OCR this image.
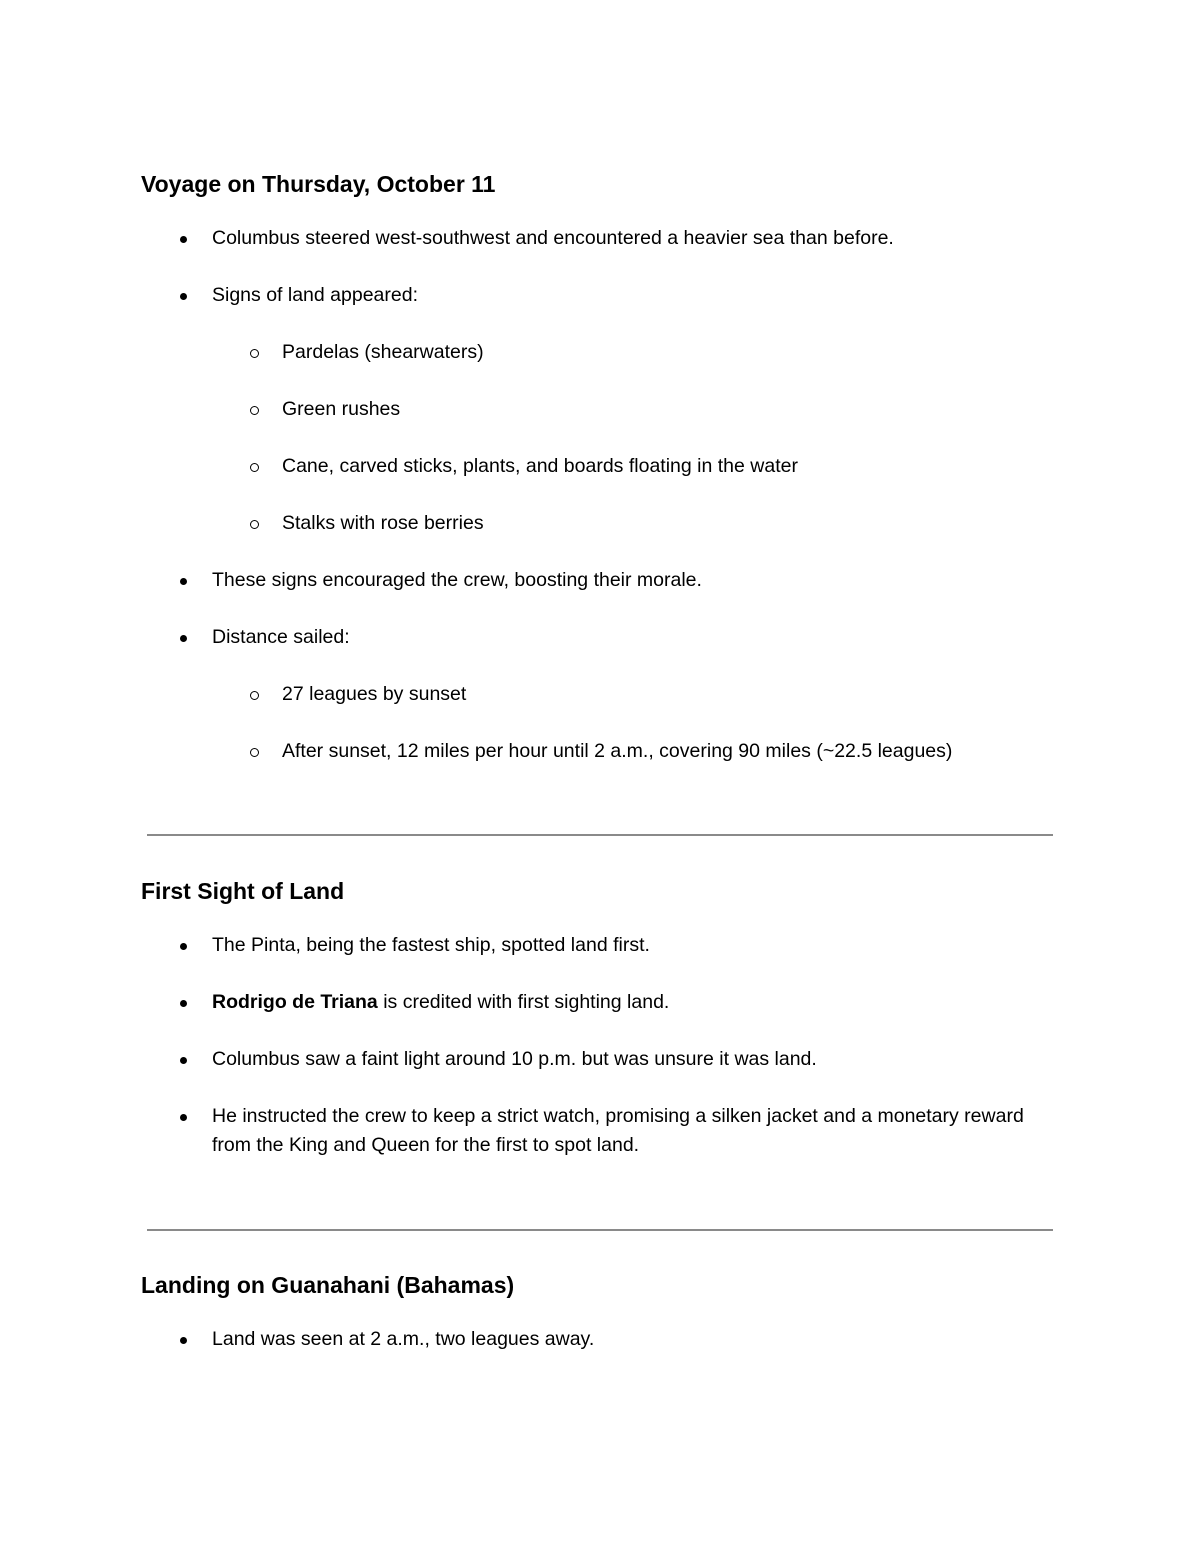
Voyage on Thursday, October 11
Columbus steered west-southwest and encountered a heavier sea than before.
Signs of land appeared:
Pardelas (shearwaters)
Green rushes
Cane, carved sticks, plants, and boards floating in the water
Stalks with rose berries
These signs encouraged the crew, boosting their morale.
Distance sailed:
27 leagues by sunset
After sunset, 12 miles per hour until 2 a.m., covering 90 miles (~22.5 leagues)
First Sight of Land
The Pinta, being the fastest ship, spotted land first.
Rodrigo de Triana is credited with first sighting land.
Columbus saw a faint light around 10 p.m. but was unsure it was land.
He instructed the crew to keep a strict watch, promising a silken jacket and a monetary reward from the King and Queen for the first to spot land.
Landing on Guanahani (Bahamas)
Land was seen at 2 a.m., two leagues away.
